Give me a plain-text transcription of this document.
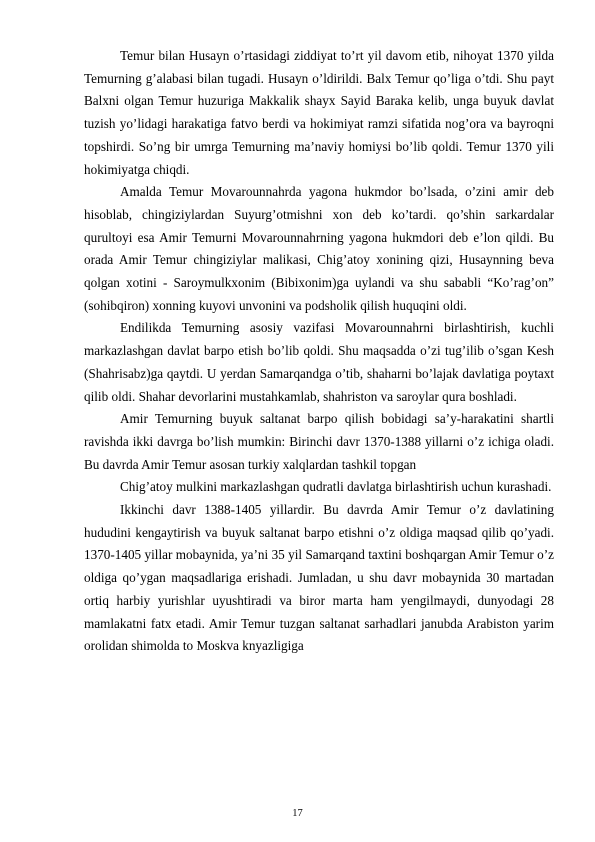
Temur bilan Husayn o’rtasidagi ziddiyat to’rt yil davom etib, nihoyat 1370 yilda Temurning g’alabasi bilan tugadi. Husayn o’ldirildi. Balx Temur qo’liga o’tdi. Shu payt Balxni olgan Temur huzuriga Makkalik shayx Sayid Baraka kelib, unga buyuk davlat tuzish yo’lidagi harakatiga fatvo berdi va hokimiyat ramzi sifatida nog’ora va bayroqni topshirdi. So’ng bir umrga Temurning ma’naviy homiysi bo’lib qoldi. Temur 1370 yili hokimiyatga chiqdi.

Amalda Temur Movarounnahrda yagona hukmdor bo’lsada, o’zini amir deb hisoblab, chingiziylardan Suyurg’otmishni xon deb ko’tardi. qo’shin sarkardalar qurultoyi esa Amir Temurni Movarounnahrning yagona hukmdori deb e’lon qildi. Bu orada Amir Temur chingiziylar malikasi, Chig’atoy xonining qizi, Husaynning beva qolgan xotini - Saroymulkxonim (Bibixonim)ga uylandi va shu sababli “Ko’rag’on” (sohibqiron) xonning kuyovi unvonini va podsholik qilish huquqini oldi.

Endilikda Temurning asosiy vazifasi Movarounnahrni birlashtirish, kuchli markazlashgan davlat barpo etish bo’lib qoldi. Shu maqsadda o’zi tug’ilib o’sgan Kesh (Shahrisabz)ga qaytdi. U yerdan Samarqandga o’tib, shaharni bo’lajak davlatiga poytaxt qilib oldi. Shahar devorlarini mustahkamlab, shahriston va saroylar qura boshladi.

Amir Temurning buyuk saltanat barpo qilish bobidagi sa’y-harakatini shartli ravishda ikki davrga bo’lish mumkin: Birinchi davr 1370-1388 yillarni o’z ichiga oladi. Bu davrda Amir Temur asosan turkiy xalqlardan tashkil topgan

Chig’atoy mulkini markazlashgan qudratli davlatga birlashtirish uchun kurashadi.

Ikkinchi davr 1388-1405 yillardir. Bu davrda Amir Temur o’z davlatining hududini kengaytirish va buyuk saltanat barpo etishni o’z oldiga maqsad qilib qo’yadi. 1370-1405 yillar mobaynida, ya’ni 35 yil Samarqand taxtini boshqargan Amir Temur o’z oldiga qo’ygan maqsadlariga erishadi. Jumladan, u shu davr mobaynida 30 martadan ortiq harbiy yurishlar uyushtiradi va biror marta ham yengilmaydi, dunyodagi 28 mamlakatni fatx etadi. Amir Temur tuzgan saltanat sarhadlari janubda Arabiston yarim orolidan shimolda to Moskva knyazligiga

17
